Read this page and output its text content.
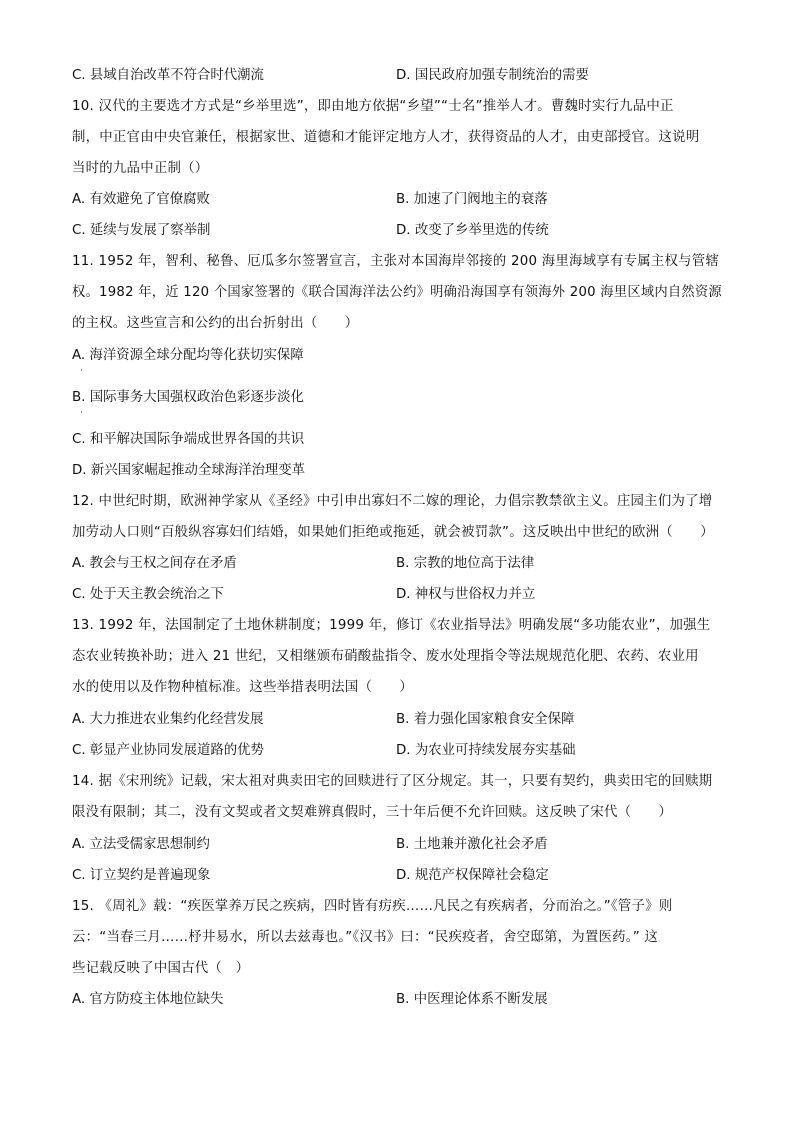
C. 县域自治改革不符合时代潮流	D. 国民政府加强专制统治的需要
10. 汉代的主要选才方式是“乡举里选”，即由地方依据“乡望”“士名”推举人才。曹魏时实行九品中正
制，中正官由中央官兼任，根据家世、道德和才能评定地方人才，获得资品的人才，由吏部授官。这说明
当时的九品中正制（）
A. 有效避免了官僚腐败	B. 加速了门阀地主的衰落
C. 延续与发展了察举制	D. 改变了乡举里选的传统
11. 1952 年，智利、秘鲁、厄瓜多尔签署宣言，主张对本国海岸邻接的 200 海里海域享有专属主权与管辖
权。1982 年，近 120 个国家签署的《联合国海洋法公约》明确沿海国享有领海外 200 海里区域内自然资源
的主权。这些宣言和公约的出台折射出（　　）
A. 海洋资源全球分配均等化获切实保障
·
B. 国际事务大国强权政治色彩逐步淡化
·
C. 和平解决国际争端成世界各国的共识
D. 新兴国家崛起推动全球海洋治理变革
12. 中世纪时期，欧洲神学家从《圣经》中引申出寡妇不二嫁的理论，力倡宗教禁欲主义。庄园主们为了增
加劳动人口则“百般纵容寡妇们结婚，如果她们拒绝或拖延，就会被罚款”。这反映出中世纪的欧洲（　　）
A. 教会与王权之间存在矛盾	B. 宗教的地位高于法律
C. 处于天主教会统治之下	D. 神权与世俗权力并立
13. 1992 年，法国制定了土地休耕制度；1999 年，修订《农业指导法》明确发展“多功能农业”，加强生
态农业转换补助；进入 21 世纪，又相继颁布硝酸盐指令、废水处理指令等法规规范化肥、农药、农业用
水的使用以及作物种植标准。这些举措表明法国（　　）
A. 大力推进农业集约化经营发展	B. 着力强化国家粮食安全保障
C. 彰显产业协同发展道路的优势	D. 为农业可持续发展夯实基础
14. 据《宋刑统》记载，宋太祖对典卖田宅的回赎进行了区分规定。其一，只要有契约，典卖田宅的回赎期
限没有限制；其二，没有文契或者文契难辨真假时，三十年后便不允许回赎。这反映了宋代（　　）
A. 立法受儒家思想制约	B. 土地兼并激化社会矛盾
C. 订立契约是普遍现象	D. 规范产权保障社会稳定
15. 《周礼》载：“疾医掌养万民之疾病，四时皆有疠疾……凡民之有疾病者，分而治之。”《管子》则
云：“当春三月……杼井易水，所以去兹毒也。”《汉书》曰：“民疾疫者，舍空邸第，为置医药。” 这
些记载反映了中国古代（　）
A. 官方防疫主体地位缺失	B. 中医理论体系不断发展
